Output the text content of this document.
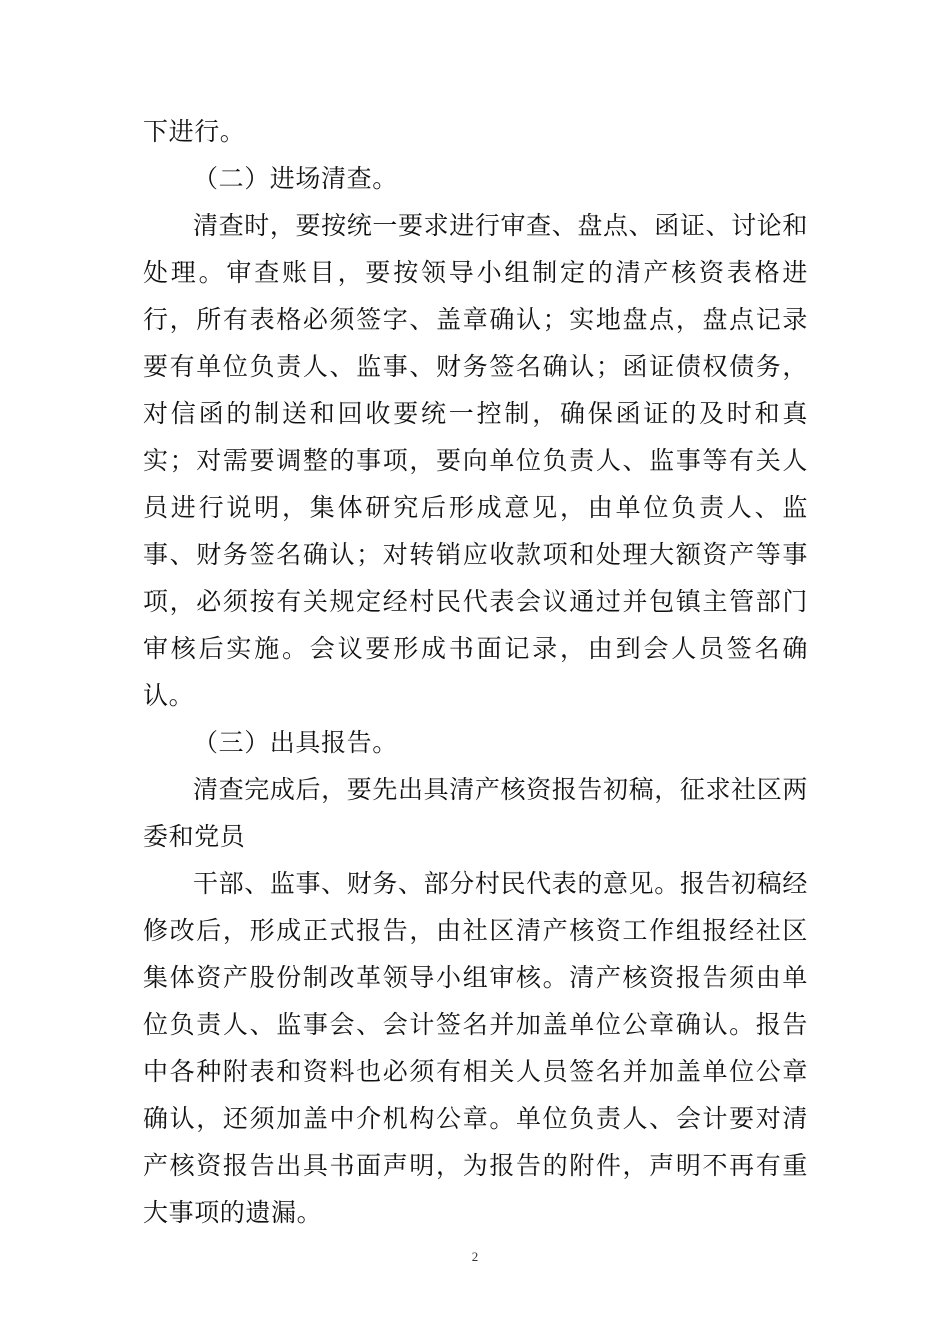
下进行。

（二）进场清查。

清查时，要按统一要求进行审查、盘点、函证、讨论和处理。审查账目，要按领导小组制定的清产核资表格进行，所有表格必须签字、盖章确认；实地盘点，盘点记录要有单位负责人、监事、财务签名确认；函证债权债务，对信函的制送和回收要统一控制，确保函证的及时和真实；对需要调整的事项，要向单位负责人、监事等有关人员进行说明，集体研究后形成意见，由单位负责人、监事、财务签名确认；对转销应收款项和处理大额资产等事项，必须按有关规定经村民代表会议通过并包镇主管部门审核后实施。会议要形成书面记录，由到会人员签名确认。

（三）出具报告。

清查完成后，要先出具清产核资报告初稿，征求社区两委和党员

干部、监事、财务、部分村民代表的意见。报告初稿经修改后，形成正式报告，由社区清产核资工作组报经社区集体资产股份制改革领导小组审核。清产核资报告须由单位负责人、监事会、会计签名并加盖单位公章确认。报告中各种附表和资料也必须有相关人员签名并加盖单位公章确认，还须加盖中介机构公章。单位负责人、会计要对清产核资报告出具书面声明，为报告的附件，声明不再有重大事项的遗漏。

2
